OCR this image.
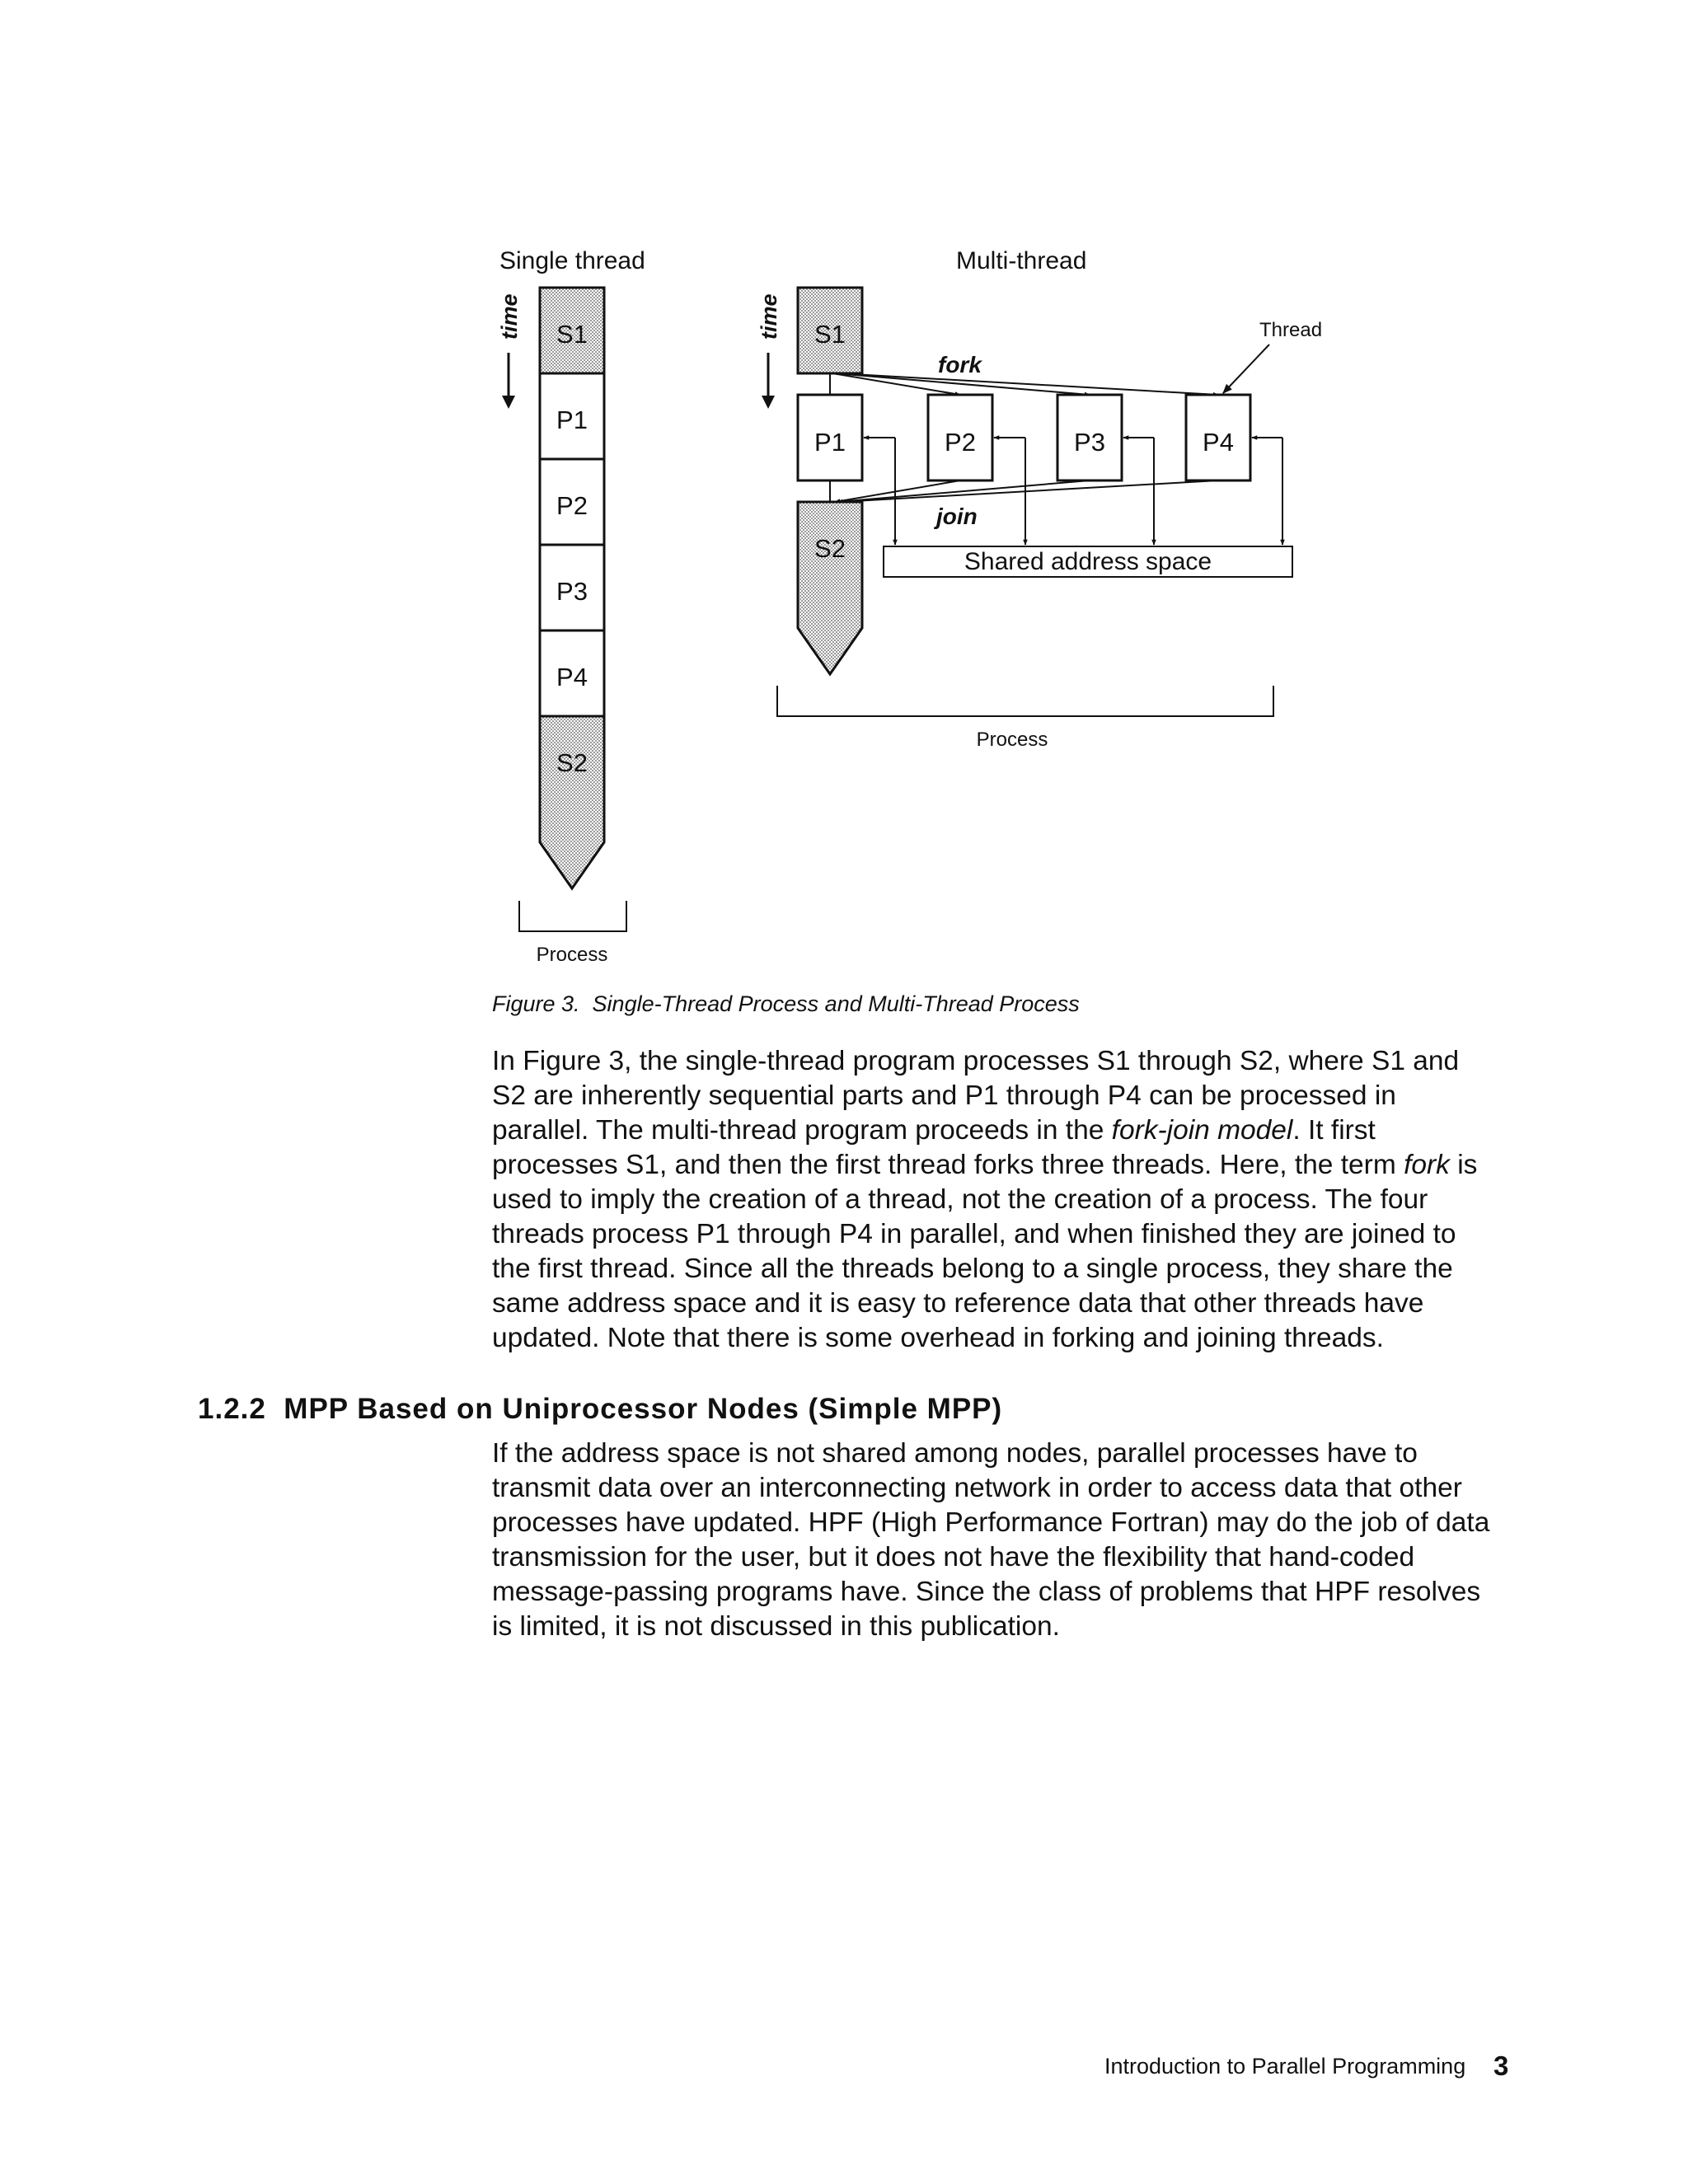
Single thread
time S1
P1
P2
P3
P4
S2
Process
Multi-thread
time S1
fork
P1	P2	P3	P4
Thread
join
S2	Shared address space
Process
Figure 3.  Single-Thread Process and Multi-Thread Process
In Figure 3, the single-thread program processes S1 through S2, where S1 and
S2 are inherently sequential parts and P1 through P4 can be processed in
parallel. The multi-thread program proceeds in the fork-join model. It first
processes S1, and then the first thread forks three threads. Here, the term fork is
used to imply the creation of a thread, not the creation of a process. The four
threads process P1 through P4 in parallel, and when finished they are joined to
the first thread. Since all the threads belong to a single process, they share the
same address space and it is easy to reference data that other threads have
updated. Note that there is some overhead in forking and joining threads.
1.2.2  MPP Based on Uniprocessor Nodes (Simple MPP)
If the address space is not shared among nodes, parallel processes have to
transmit data over an interconnecting network in order to access data that other
processes have updated. HPF (High Performance Fortran) may do the job of data
transmission for the user, but it does not have the flexibility that hand-coded
message-passing programs have. Since the class of problems that HPF resolves
is limited, it is not discussed in this publication.
Introduction to Parallel Programming 3
